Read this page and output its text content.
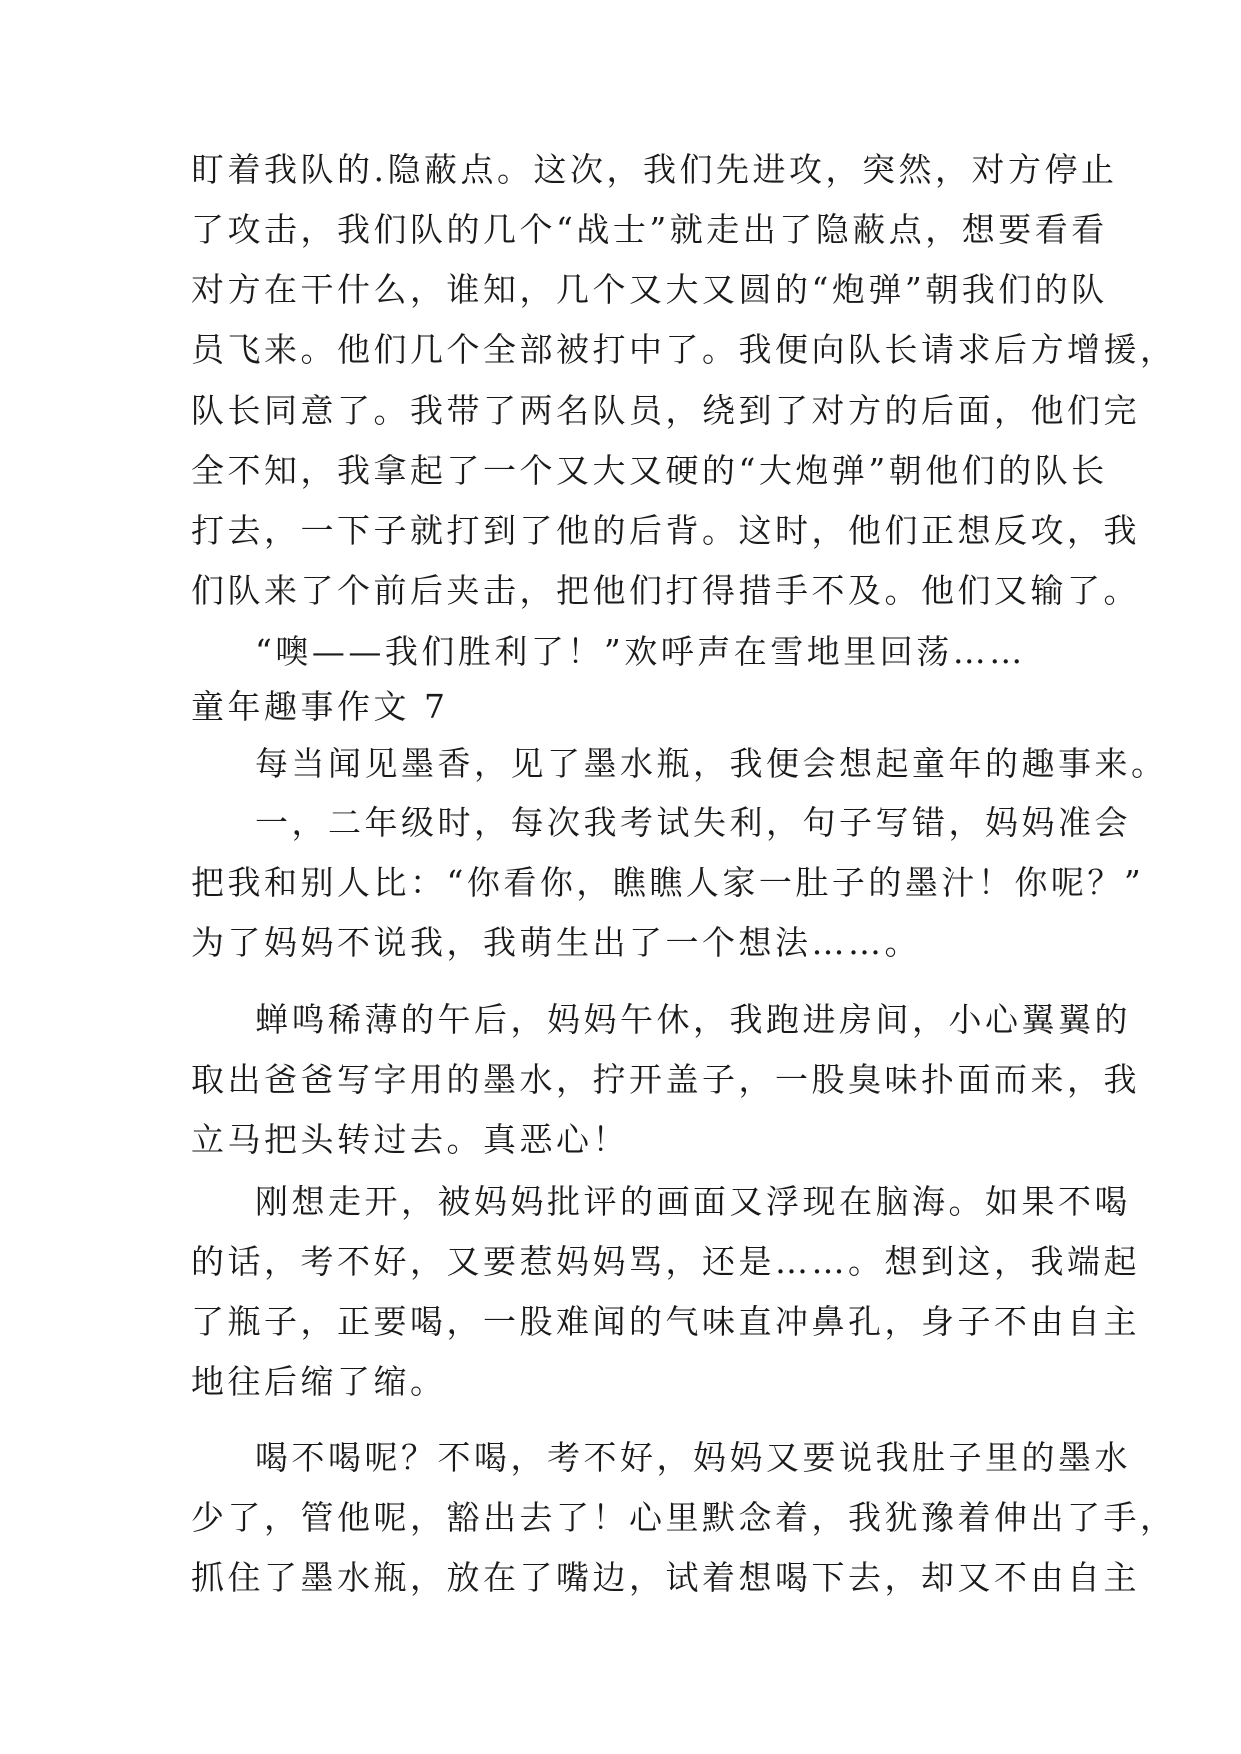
盯着我队的.隐蔽点。这次，我们先进攻，突然，对方停止
了攻击，我们队的几个“战士”就走出了隐蔽点，想要看看
对方在干什么，谁知，几个又大又圆的“炮弹”朝我们的队
员飞来。他们几个全部被打中了。我便向队长请求后方增援，
队长同意了。我带了两名队员，绕到了对方的后面，他们完
全不知，我拿起了一个又大又硬的“大炮弹”朝他们的队长
打去，一下子就打到了他的后背。这时，他们正想反攻，我
们队来了个前后夹击，把他们打得措手不及。他们又输了。
“噢——我们胜利了！”欢呼声在雪地里回荡……
童年趣事作文 7
每当闻见墨香，见了墨水瓶，我便会想起童年的趣事来。
一，二年级时，每次我考试失利，句子写错，妈妈准会
把我和别人比：“你看你，瞧瞧人家一肚子的墨汁！你呢？”
为了妈妈不说我，我萌生出了一个想法……。
蝉鸣稀薄的午后，妈妈午休，我跑进房间，小心翼翼的
取出爸爸写字用的墨水，拧开盖子，一股臭味扑面而来，我
立马把头转过去。真恶心！
刚想走开，被妈妈批评的画面又浮现在脑海。如果不喝
的话，考不好，又要惹妈妈骂，还是……。想到这，我端起
了瓶子，正要喝，一股难闻的气味直冲鼻孔，身子不由自主
地往后缩了缩。
喝不喝呢？不喝，考不好，妈妈又要说我肚子里的墨水
少了，管他呢，豁出去了！心里默念着，我犹豫着伸出了手，
抓住了墨水瓶，放在了嘴边，试着想喝下去，却又不由自主
